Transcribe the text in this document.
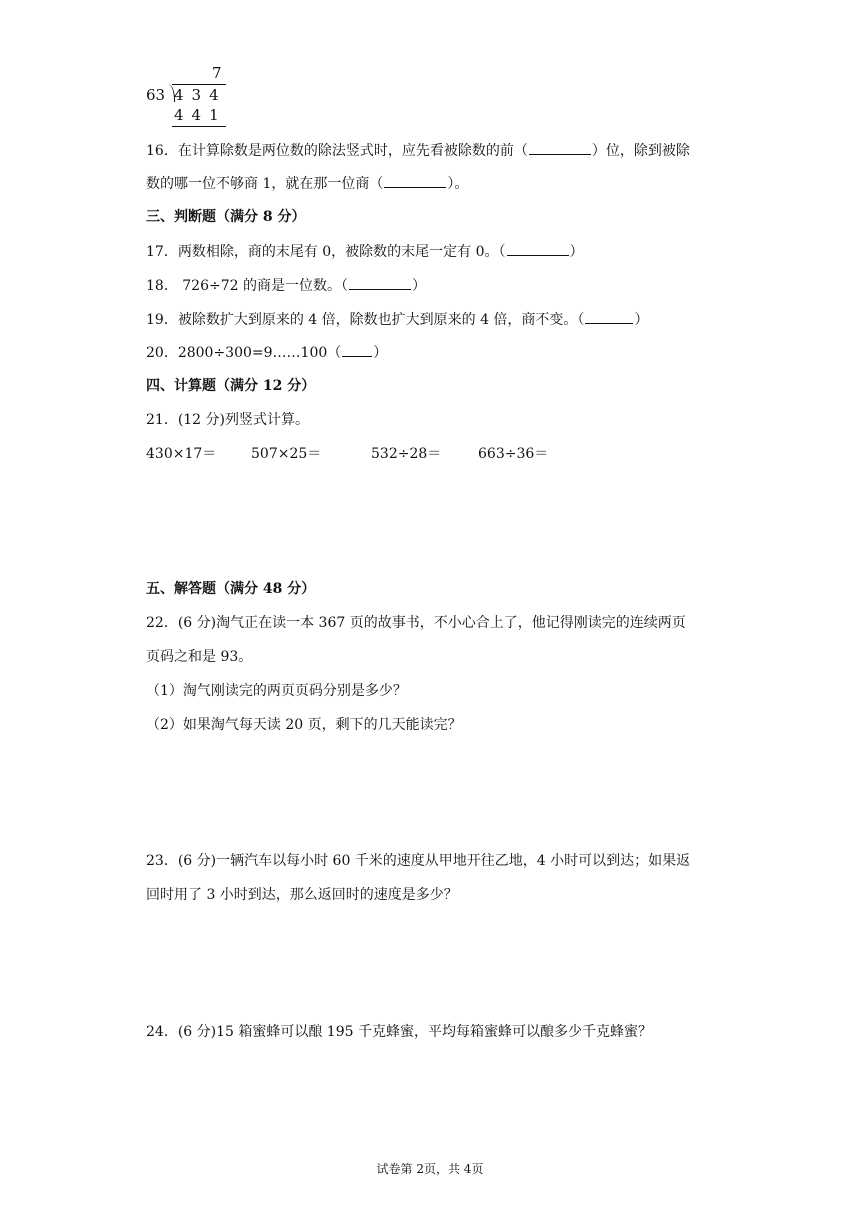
7
63 434
441
16．在计算除数是两位数的除法竖式时，应先看被除数的前（	）位，除到被除
数的哪一位不够商 1，就在那一位商（	）。
三、判断题（满分 8 分）
17．两数相除，商的末尾有 0，被除数的末尾一定有 0。（	）
18． 726÷72 的商是一位数。（	）
19．被除数扩大到原来的 4 倍，除数也扩大到原来的 4 倍，商不变。（	）
20．2800÷300=9……100（ ）
四、计算题（满分 12 分）
21．(12 分)列竖式计算。
430×17＝ 507×25＝	532÷28＝	663÷36＝
五、解答题（满分 48 分）
22．(6 分)淘气正在读一本 367 页的故事书，不小心合上了，他记得刚读完的连续两页
页码之和是 93。
（1）淘气刚读完的两页页码分别是多少？
（2）如果淘气每天读 20 页，剩下的几天能读完？
23．(6 分)一辆汽车以每小时 60 千米的速度从甲地开往乙地，4 小时可以到达；如果返
回时用了 3 小时到达，那么返回时的速度是多少？
24．(6 分)15 箱蜜蜂可以酿 195 千克蜂蜜，平均每箱蜜蜂可以酿多少千克蜂蜜？
试卷第 2页，共 4页
